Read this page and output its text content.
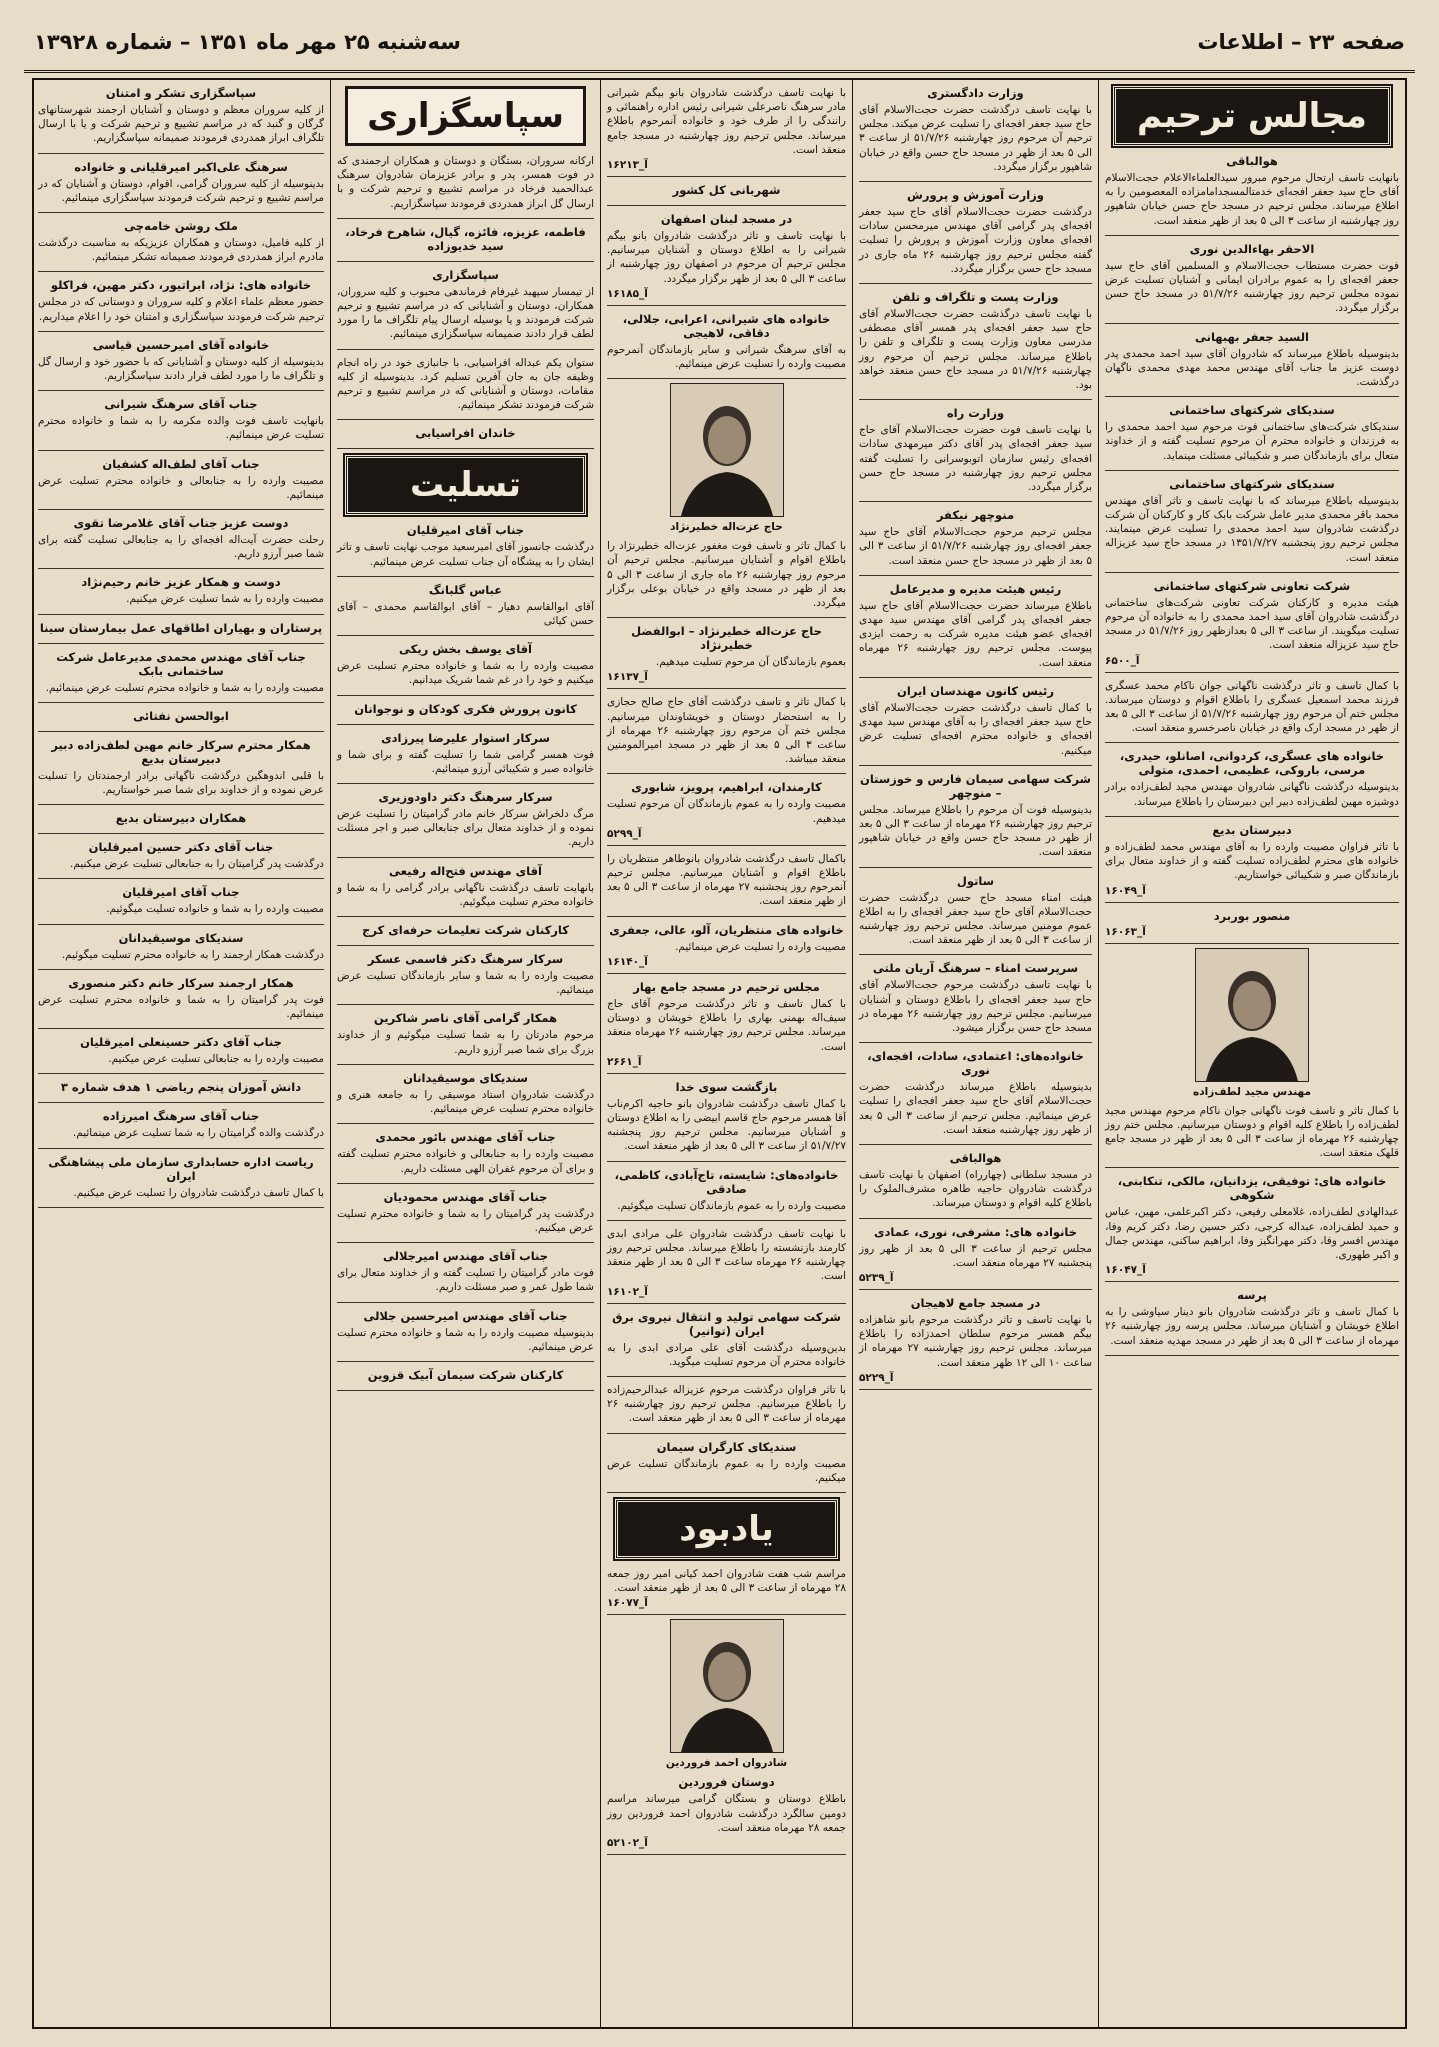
صفحه ۲۳ – اطلاعات
سه‌شنبه ۲۵ مهر ماه ۱۳۵۱ – شماره ۱۳۹۲۸
مجالس ترحیم
هوالباقی

بانهایت تاسف ارتحال مرحوم مبرور سیدالعلماءالاعلام حجت‌الاسلام آقای حاج سید جعفر افجه‌ای خدمتالمسجدامامزاده المعصومین را به اطلاع میرساند. مجلس ترحیم در مسجد حاج حسن خیابان شاهپور روز چهارشنبه از ساعت ۳ الی ۵ بعد از ظهر منعقد است.

الاحقر بهاءالدین نوری

فوت حضرت مستطاب حجت‌الاسلام و المسلمین آقای حاج سید جعفر افجه‌ای را به عموم برادران ایمانی و آشنایان تسلیت عرض نموده مجلس ترحیم روز چهارشنبه ۵۱/۷/۲۶ در مسجد حاج حسن برگزار میگردد.

السید جعفر بهبهانی

بدینوسیله باطلاع میرساند که شادروان آقای سید احمد محمدی پدر دوست عزیز ما جناب آقای مهندس محمد مهدی محمدی ناگهان درگذشت.

سندیکای شرکتهای ساختمانی

سندیکای شرکت‌های ساختمانی فوت مرحوم سید احمد محمدی را به فرزندان و خانواده محترم آن مرحوم تسلیت گفته و از خداوند متعال برای بازماندگان صبر و شکیبائی مسئلت مینماید.

سندیکای شرکتهای ساختمانی

بدینوسیله باطلاع میرساند که با نهایت تاسف و تاثر آقای مهندس محمد باقر محمدی مدیر عامل شرکت بابک کار و کارکنان آن شرکت درگذشت شادروان سید احمد محمدی را تسلیت عرض مینمایند. مجلس ترحیم روز پنجشنبه ۱۳۵۱/۷/۲۷ در مسجد حاج سید عزیزاله منعقد است.

شرکت تعاونی شرکتهای ساختمانی

هیئت مدیره و کارکنان شرکت تعاونی شرکت‌های ساختمانی درگذشت شادروان آقای سید احمد محمدی را به خانواده آن مرحوم تسلیت میگویند. از ساعت ۳ الی ۵ بعدازظهر روز ۵۱/۷/۲۶ در مسجد حاج سید عزیزاله منعقد است.

آ_۶۵۰۰

با کمال تاسف و تاثر درگذشت ناگهانی جوان ناکام محمد عسگری فرزند محمد اسمعیل عسگری را باطلاع اقوام و دوستان میرساند. مجلس ختم آن مرحوم روز چهارشنبه ۵۱/۷/۲۶ از ساعت ۳ الی ۵ بعد از ظهر در مسجد ارک واقع در خیابان ناصرخسرو منعقد است.

خانواده های عسگری، کردوانی، اصانلو، حیدری، مرسی، باروکی، عظیمی، احمدی، متولی

بدینوسیله درگذشت ناگهانی شادروان مهندس مجید لطف‌زاده برادر دوشیزه مهین لطف‌زاده دبیر این دبیرستان را باطلاع میرساند.

دبیرستان بدیع

با تاثر فراوان مصیبت وارده را به آقای مهندس محمد لطف‌زاده و خانواده های محترم لطف‌زاده تسلیت گفته و از خداوند متعال برای بازماندگان صبر و شکیبائی خواستاریم.

آ_۱۶۰۴۹
منصور بوربرد
آ_۱۶۰۶۳
مهندس مجید لطف‌زاده

با کمال تاثر و تاسف فوت ناگهانی جوان ناکام مرحوم مهندس مجید لطف‌زاده را باطلاع کلیه اقوام و دوستان میرسانیم. مجلس ختم روز چهارشنبه ۲۶ مهرماه از ساعت ۳ الی ۵ بعد از ظهر در مسجد جامع قلهک منعقد است.

خانواده های: توفیقی، یزدانیان، مالکی، تنکابنی، شکوهی

عبدالهادی لطف‌زاده، غلامعلی رفیعی، دکتر اکبرعلمی، مهین، عباس و حمید لطف‌زاده، عبداله کرجی، دکتر حسین رضا، دکتر کریم وفا، مهندس افسر وفا، دکتر مهرانگیز وفا، ابراهیم ساکنی، مهندس جمال و اکبر طهوری.

آ_۱۶۰۴۷
پرسه

با کمال تاسف و تاثر درگذشت شادروان بانو دینار سیاوشی را به اطلاع خویشان و آشنایان میرساند. مجلس پرسه روز چهارشنبه ۲۶ مهرماه از ساعت ۳ الی ۵ بعد از ظهر در مسجد مهدیه منعقد است.

وزارت دادگستری

با نهایت تاسف درگذشت حضرت حجت‌الاسلام آقای حاج سید جعفر افجه‌ای را تسلیت عرض میکند. مجلس ترحیم آن مرحوم روز چهارشنبه ۵۱/۷/۲۶ از ساعت ۳ الی ۵ بعد از ظهر در مسجد حاج حسن واقع در خیابان شاهپور برگزار میگردد.

وزارت آموزش و پرورش

درگذشت حضرت حجت‌الاسلام آقای حاج سید جعفر افجه‌ای پدر گرامی آقای مهندس میرمحسن سادات افجه‌ای معاون وزارت آموزش و پرورش را تسلیت گفته مجلس ترحیم روز چهارشنبه ۲۶ ماه جاری در مسجد حاج حسن برگزار میگردد.

وزارت پست و تلگراف و تلفن

با نهایت تاسف درگذشت حضرت حجت‌الاسلام آقای حاج سید جعفر افجه‌ای پدر همسر آقای مصطفی مدرسی معاون وزارت پست و تلگراف و تلفن را باطلاع میرساند. مجلس ترحیم آن مرحوم روز چهارشنبه ۵۱/۷/۲۶ در مسجد حاج حسن منعقد خواهد بود.

وزارت راه

با نهایت تاسف فوت حضرت حجت‌الاسلام آقای حاج سید جعفر افجه‌ای پدر آقای دکتر میرمهدی سادات افجه‌ای رئیس سازمان اتوبوسرانی را تسلیت گفته مجلس ترحیم روز چهارشنبه در مسجد حاج حسن برگزار میگردد.

منوچهر نیکفر

مجلس ترحیم مرحوم حجت‌الاسلام آقای حاج سید جعفر افجه‌ای روز چهارشنبه ۵۱/۷/۲۶ از ساعت ۳ الی ۵ بعد از ظهر در مسجد حاج حسن منعقد است.

رئیس هیئت مدیره و مدیرعامل

باطلاع میرساند حضرت حجت‌الاسلام آقای حاج سید جعفر افجه‌ای پدر گرامی آقای مهندس سید مهدی افجه‌ای عضو هیئت مدیره شرکت به رحمت ایزدی پیوست. مجلس ترحیم روز چهارشنبه ۲۶ مهرماه منعقد است.

رئیس کانون مهندسان ایران

با کمال تاسف درگذشت حضرت حجت‌الاسلام آقای حاج سید جعفر افجه‌ای را به آقای مهندس سید مهدی افجه‌ای و خانواده محترم افجه‌ای تسلیت عرض میکنیم.

شرکت سهامی سیمان فارس و خوزستان – منوچهر

بدینوسیله فوت آن مرحوم را باطلاع میرساند. مجلس ترحیم روز چهارشنبه ۲۶ مهرماه از ساعت ۳ الی ۵ بعد از ظهر در مسجد حاج حسن واقع در خیابان شاهپور منعقد است.

ساتول

هیئت امناء مسجد حاج حسن درگذشت حضرت حجت‌الاسلام آقای حاج سید جعفر افجه‌ای را به اطلاع عموم مومنین میرساند. مجلس ترحیم روز چهارشنبه از ساعت ۳ الی ۵ بعد از ظهر منعقد است.

سرپرست امناء – سرهنگ آریان ملتی

با نهایت تاسف درگذشت مرحوم حجت‌الاسلام آقای حاج سید جعفر افجه‌ای را باطلاع دوستان و آشنایان میرسانیم. مجلس ترحیم روز چهارشنبه ۲۶ مهرماه در مسجد حاج حسن برگزار میشود.

خانواده‌های: اعتمادی، سادات، افجه‌ای، نوری

بدینوسیله باطلاع میرساند درگذشت حضرت حجت‌الاسلام آقای حاج سید جعفر افجه‌ای را تسلیت عرض مینمائیم. مجلس ترحیم از ساعت ۳ الی ۵ بعد از ظهر روز چهارشنبه منعقد است.

هوالباقی

در مسجد سلطانی (چهارراه) اصفهان با نهایت تاسف درگذشت شادروان حاجیه طاهره مشرف‌الملوک را باطلاع کلیه اقوام و دوستان میرساند.

خانواده های: مشرفی، نوری، عمادی

مجلس ترحیم از ساعت ۳ الی ۵ بعد از ظهر روز پنجشنبه ۲۷ مهرماه منعقد است.

آ_۵۲۳۹
در مسجد جامع لاهیجان

با نهایت تاسف و تاثر درگذشت مرحوم بانو شاهزاده بیگم همسر مرحوم سلطان احمدزاده را باطلاع میرساند. مجلس ترحیم روز چهارشنبه ۲۷ مهرماه از ساعت ۱۰ الی ۱۲ ظهر منعقد است.

آ_۵۲۲۹

با نهایت تاسف درگذشت شادروان بانو بیگم شیرانی مادر سرهنگ ناصرعلی شیرانی رئیس اداره راهنمائی و رانندگی را از طرف خود و خانواده آنمرحوم باطلاع میرساند. مجلس ترحیم روز چهارشنبه در مسجد جامع منعقد است.

آ_۱۶۲۱۳
شهربانی کل کشور
در مسجد لبنان اصفهان

با نهایت تاسف و تاثر درگذشت شادروان بانو بیگم شیرانی را به اطلاع دوستان و آشنایان میرسانیم. مجلس ترحیم آن مرحوم در اصفهان روز چهارشنبه از ساعت ۳ الی ۵ بعد از ظهر برگزار میگردد.

آ_۱۶۱۸۵
خانواده های شیرانی، اعرابی، جلالی، دقاقی، لاهیجی

به آقای سرهنگ شیرانی و سایر بازماندگان آنمرحوم مصیبت وارده را تسلیت عرض مینمائیم.

حاج عزت‌اله خطیرنژاد

با کمال تاثر و تاسف فوت مغفور عزت‌اله خطیرنژاد را باطلاع اقوام و آشنایان میرسانیم. مجلس ترحیم آن مرحوم روز چهارشنبه ۲۶ ماه جاری از ساعت ۳ الی ۵ بعد از ظهر در مسجد واقع در خیابان بوعلی برگزار میگردد.

حاج عزت‌اله خطیرنژاد – ابوالفضل خطیرنژاد

بعموم بازماندگان آن مرحوم تسلیت میدهیم.

آ_۱۶۱۳۷

با کمال تاثر و تاسف درگذشت آقای حاج صالح حجازی را به استحضار دوستان و خویشاوندان میرسانیم. مجلس ختم آن مرحوم روز چهارشنبه ۲۶ مهرماه از ساعت ۳ الی ۵ بعد از ظهر در مسجد امیرالمومنین منعقد میباشد.

کارمندان، ابراهیم، پرویز، شابوری

مصیبت وارده را به عموم بازماندگان آن مرحوم تسلیت میدهیم.

آ_۵۲۹۹

باکمال تاسف درگذشت شادروان بانوطاهر منتظریان را باطلاع اقوام و آشنایان میرسانیم. مجلس ترحیم آنمرحوم روز پنجشنبه ۲۷ مهرماه از ساعت ۳ الی ۵ بعد از ظهر منعقد است.

خانواده های منتظریان، آلو، عالی، جعفری

مصیبت وارده را تسلیت عرض مینمائیم.

آ_۱۶۱۴۰
مجلس ترحیم در مسجد جامع بهار

با کمال تاسف و تاثر درگذشت مرحوم آقای حاج سیف‌اله بهمنی بهاری را باطلاع خویشان و دوستان میرساند. مجلس ترحیم روز چهارشنبه ۲۶ مهرماه منعقد است.

آ_۲۶۶۱
بازگشت سوی خدا

با کمال تاسف درگذشت شادروان بانو حاجیه اکرم‌ناب آقا همسر مرحوم حاج قاسم ابیضی را به اطلاع دوستان و آشنایان میرسانیم. مجلس ترحیم روز پنجشنبه ۵۱/۷/۲۷ از ساعت ۳ الی ۵ بعد از ظهر منعقد است.

خانواده‌های: شایسته، تاج‌آبادی، کاظمی، صادقی

مصیبت وارده را به عموم بازماندگان تسلیت میگوئیم.

با نهایت تاسف درگذشت شادروان علی مرادی ابدی کارمند بازنشسته را باطلاع میرساند. مجلس ترحیم روز چهارشنبه ۲۶ مهرماه ساعت ۳ الی ۵ بعد از ظهر منعقد است.

آ_۱۶۱۰۲
شرکت سهامی تولید و انتقال نیروی برق ایران (توانیر)

بدین‌وسیله درگذشت آقای علی مرادی ابدی را به خانواده محترم آن مرحوم تسلیت میگوید.

با تاثر فراوان درگذشت مرحوم عزیزاله عبدالرحیم‌زاده را باطلاع میرسانیم. مجلس ترحیم روز چهارشنبه ۲۶ مهرماه از ساعت ۳ الی ۵ بعد از ظهر منعقد است.

سندیکای کارگران سیمان

مصیبت وارده را به عموم بازماندگان تسلیت عرض میکنیم.

یادبود

مراسم شب هفت شادروان احمد کیانی امیر روز جمعه ۲۸ مهرماه از ساعت ۳ الی ۵ بعد از ظهر منعقد است.

آ_۱۶۰۷۷
شادروان احمد فروردین
دوستان فروردین

باطلاع دوستان و بستگان گرامی میرساند مراسم دومین سالگرد درگذشت شادروان احمد فروردین روز جمعه ۲۸ مهرماه منعقد است.

آ_۵۲۱۰۲
سپاسگزاری

ارکانه سروران، بستگان و دوستان و همکاران ارجمندی که در فوت همسر، پدر و برادر عزیزمان شادروان سرهنگ عبدالحمید فرخاد در مراسم تشییع و ترحیم شرکت و با ارسال گل ابراز همدردی فرمودند سپاسگزاریم.

فاطمه، عزیزه، فائزه، گیال، شاهرخ فرخاد، سید خدیوزاده
سپاسگزاری

از تیمسار سپهبد غیرفام فرماندهی محبوب و کلیه سروران، همکاران، دوستان و آشنایانی که در مراسم تشییع و ترحیم شرکت فرمودند و یا بوسیله ارسال پیام تلگراف ما را مورد لطف قرار دادند صمیمانه سپاسگزاری مینمائیم.

ستوان یکم عبداله افراسیابی، با جانبازی خود در راه انجام وظیفه جان به جان آفرین تسلیم کرد. بدینوسیله از کلیه مقامات، دوستان و آشنایانی که در مراسم تشییع و ترحیم شرکت فرمودند تشکر مینمائیم.

خاندان افراسیابی
تسلیت
جناب آقای امیرقلیان

درگذشت جانسوز آقای امیرسعید موجب نهایت تاسف و تاثر ایشان را به پیشگاه آن جناب تسلیت عرض مینمائیم.

عباس گلبانگ

آقای ابوالقاسم دهیار – آقای ابوالقاسم محمدی – آقای حسن کیائی

آقای یوسف بخش ریکی

مصیبت وارده را به شما و خانواده محترم تسلیت عرض میکنیم و خود را در غم شما شریک میدانیم.

کانون پرورش فکری کودکان و نوجوانان
سرکار استوار علیرضا پیرزادی

فوت همسر گرامی شما را تسلیت گفته و برای شما و خانواده صبر و شکیبائی آرزو مینمائیم.

سرکار سرهنگ دکتر داودوزیری

مرگ دلخراش سرکار خانم مادر گرامیتان را تسلیت عرض نموده و از خداوند متعال برای جنابعالی صبر و اجر مسئلت داریم.

آقای مهندس فتح‌اله رفیعی

بانهایت تاسف درگذشت ناگهانی برادر گرامی را به شما و خانواده محترم تسلیت میگوئیم.

کارکنان شرکت تعلیمات حرفه‌ای کرج
سرکار سرهنگ دکتر قاسمی عسکر

مصیبت وارده را به شما و سایر بازماندگان تسلیت عرض مینمائیم.

همکار گرامی آقای ناصر شاکرین

مرحوم مادرتان را به شما تسلیت میگوئیم و از خداوند بزرگ برای شما صبر آرزو داریم.

سندیکای موسیقیدانان

درگذشت شادروان استاد موسیقی را به جامعه هنری و خانواده محترم تسلیت عرض مینمائیم.

جناب آقای مهندس بائور محمدی

مصیبت وارده را به جنابعالی و خانواده محترم تسلیت گفته و برای آن مرحوم غفران الهی مسئلت داریم.

جناب آقای مهندس محمودیان

درگذشت پدر گرامیتان را به شما و خانواده محترم تسلیت عرض میکنیم.

جناب آقای مهندس امیرجلالی

فوت مادر گرامیتان را تسلیت گفته و از خداوند متعال برای شما طول عمر و صبر مسئلت داریم.

جناب آقای مهندس امیرحسین جلالی

بدینوسیله مصیبت وارده را به شما و خانواده محترم تسلیت عرض مینمائیم.

کارکنان شرکت سیمان آبیک قزوین
سپاسگزاری تشکر و امتنان

از کلیه سروران معظم و دوستان و آشنایان ارجمند شهرستانهای گرگان و گنبد که در مراسم تشییع و ترحیم شرکت و یا با ارسال تلگراف ابراز همدردی فرمودند صمیمانه سپاسگزاریم.

سرهنگ علی‌اکبر امیرقلیانی و خانواده

بدینوسیله از کلیه سروران گرامی، اقوام، دوستان و آشنایان که در مراسم تشییع و ترحیم شرکت فرمودند سپاسگزاری مینمائیم.

ملک روشن خامه‌چی

از کلیه فامیل، دوستان و همکاران عزیزیکه به مناسبت درگذشت مادرم ابراز همدردی فرمودند صمیمانه تشکر مینمائیم.

خانواده های: نژاد، ابراتیور، دکتر مهین، فراکلو

حضور معظم علماء اعلام و کلیه سروران و دوستانی که در مجلس ترحیم شرکت فرمودند سپاسگزاری و امتنان خود را اعلام میداریم.

خانواده آقای امیرحسین قیاسی

بدینوسیله از کلیه دوستان و آشنایانی که با حضور خود و ارسال گل و تلگراف ما را مورد لطف قرار دادند سپاسگزاریم.

جناب آقای سرهنگ شیرانی

بانهایت تاسف فوت والده مکرمه را به شما و خانواده محترم تسلیت عرض مینمائیم.

جناب آقای لطف‌اله کشفیان

مصیبت وارده را به جنابعالی و خانواده محترم تسلیت عرض مینمائیم.

دوست عزیز جناب آقای غلامرضا تقوی

رحلت حضرت آیت‌اله افجه‌ای را به جنابعالی تسلیت گفته برای شما صبر آرزو داریم.

دوست و همکار عزیز خانم رحیم‌نژاد

مصیبت وارده را به شما تسلیت عرض میکنیم.

پرستاران و بهیاران اطاقهای عمل بیمارستان سینا
جناب آقای مهندس محمدی مدیرعامل شرکت ساختمانی بابک

مصیبت وارده را به شما و خانواده محترم تسلیت عرض مینمائیم.

ابوالحسن نفتائی
همکار محترم سرکار خانم مهین لطف‌زاده دبیر دبیرستان بدیع

با قلبی اندوهگین درگذشت ناگهانی برادر ارجمندتان را تسلیت عرض نموده و از خداوند برای شما صبر خواستاریم.

همکاران دبیرستان بدیع
جناب آقای دکتر حسین امیرقلیان

درگذشت پدر گرامیتان را به جنابعالی تسلیت عرض میکنیم.

جناب آقای امیرقلیان

مصیبت وارده را به شما و خانواده تسلیت میگوئیم.

سندیکای موسیقیدانان

درگذشت همکار ارجمند را به خانواده محترم تسلیت میگوئیم.

همکار ارجمند سرکار خانم دکتر منصوری

فوت پدر گرامیتان را به شما و خانواده محترم تسلیت عرض مینمائیم.

جناب آقای دکتر حسینعلی امیرقلیان

مصیبت وارده را به جنابعالی تسلیت عرض میکنیم.

دانش آموزان پنجم ریاضی ۱ هدف شماره ۳
جناب آقای سرهنگ امیرزاده

درگذشت والده گرامیتان را به شما تسلیت عرض مینمائیم.

ریاست اداره حسابداری سازمان ملی پیشاهنگی ایران

با کمال تاسف درگذشت شادروان را تسلیت عرض میکنیم.
